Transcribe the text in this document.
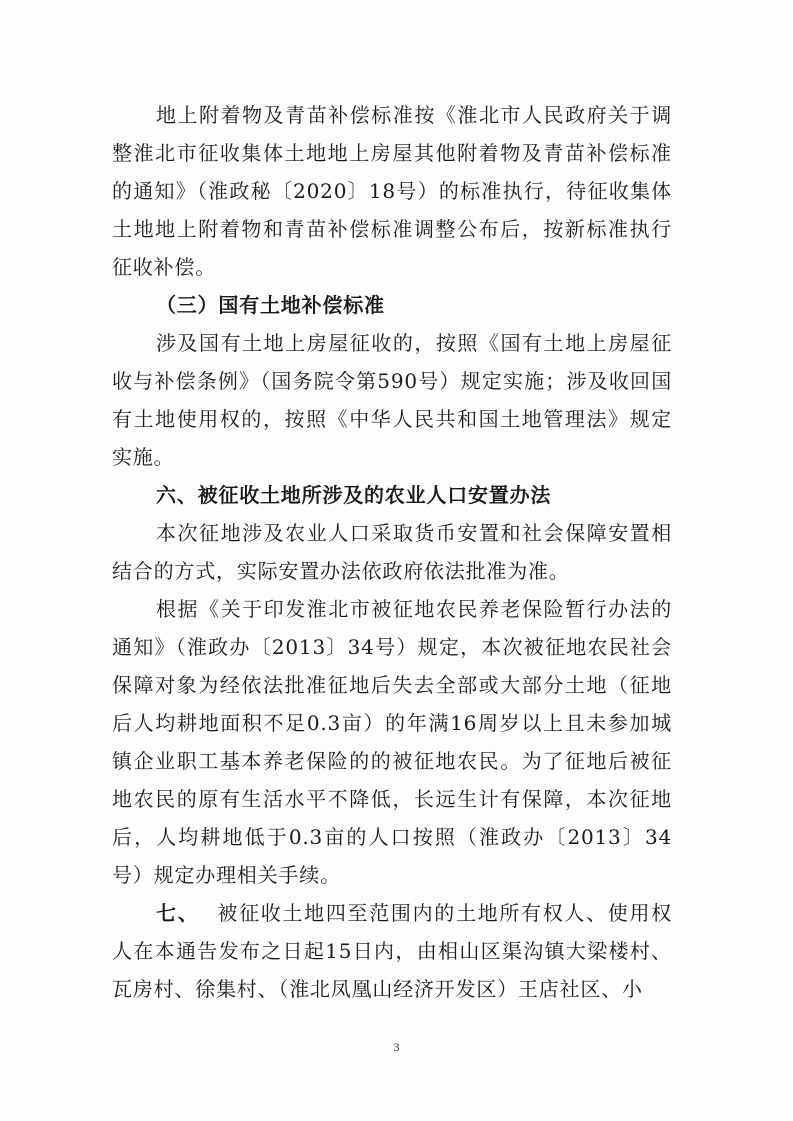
地上附着物及青苗补偿标准按《淮北市人民政府关于调整淮北市征收集体土地地上房屋其他附着物及青苗补偿标准的通知》（淮政秘〔2020〕18号）的标准执行，待征收集体土地地上附着物和青苗补偿标准调整公布后，按新标准执行征收补偿。

（三）国有土地补偿标准

涉及国有土地上房屋征收的，按照《国有土地上房屋征收与补偿条例》（国务院令第590号）规定实施；涉及收回国有土地使用权的，按照《中华人民共和国土地管理法》规定实施。

六、被征收土地所涉及的农业人口安置办法

本次征地涉及农业人口采取货币安置和社会保障安置相结合的方式，实际安置办法依政府依法批准为准。

根据《关于印发淮北市被征地农民养老保险暂行办法的通知》（淮政办〔2013〕34号）规定，本次被征地农民社会保障对象为经依法批准征地后失去全部或大部分土地（征地后人均耕地面积不足0.3亩）的年满16周岁以上且未参加城镇企业职工基本养老保险的的被征地农民。为了征地后被征地农民的原有生活水平不降低，长远生计有保障，本次征地后，人均耕地低于0.3亩的人口按照（淮政办〔2013〕34号）规定办理相关手续。

七、 被征收土地四至范围内的土地所有权人、使用权人在本通告发布之日起15日内，由相山区渠沟镇大梁楼村、瓦房村、徐集村、（淮北凤凰山经济开发区）王店社区、小

3
